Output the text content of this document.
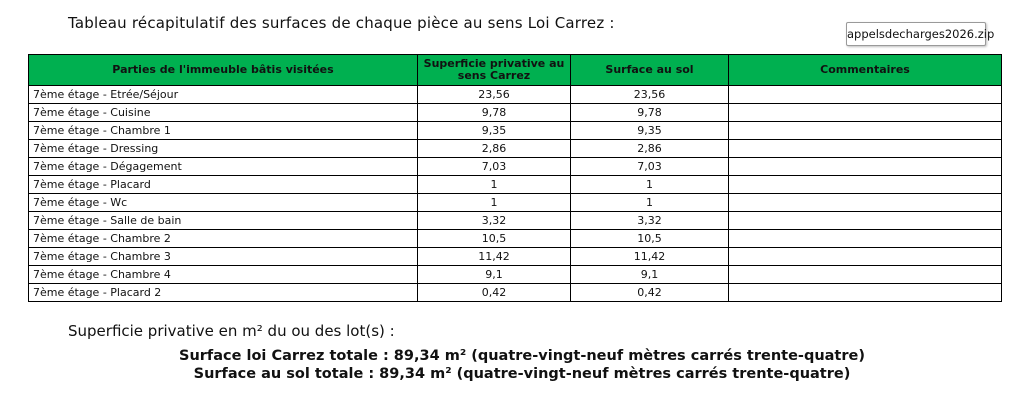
Tableau récapitulatif des surfaces de chaque pièce au sens Loi Carrez :
appelsdecharges2026.zip
Parties de l'immeuble bâtis visitées	Superficie privative au sens Carrez	Surface au sol	Commentaires
7ème étage - Etrée/Séjour	23,56	23,56	
7ème étage - Cuisine	9,78	9,78	
7ème étage - Chambre 1	9,35	9,35	
7ème étage - Dressing	2,86	2,86	
7ème étage - Dégagement	7,03	7,03	
7ème étage - Placard	1	1	
7ème étage - Wc	1	1	
7ème étage - Salle de bain	3,32	3,32	
7ème étage - Chambre 2	10,5	10,5	
7ème étage - Chambre 3	11,42	11,42	
7ème étage - Chambre 4	9,1	9,1	
7ème étage - Placard 2	0,42	0,42	
Superficie privative en m² du ou des lot(s) :
Surface loi Carrez totale : 89,34 m² (quatre-vingt-neuf mètres carrés trente-quatre)
Surface au sol totale : 89,34 m² (quatre-vingt-neuf mètres carrés trente-quatre)
